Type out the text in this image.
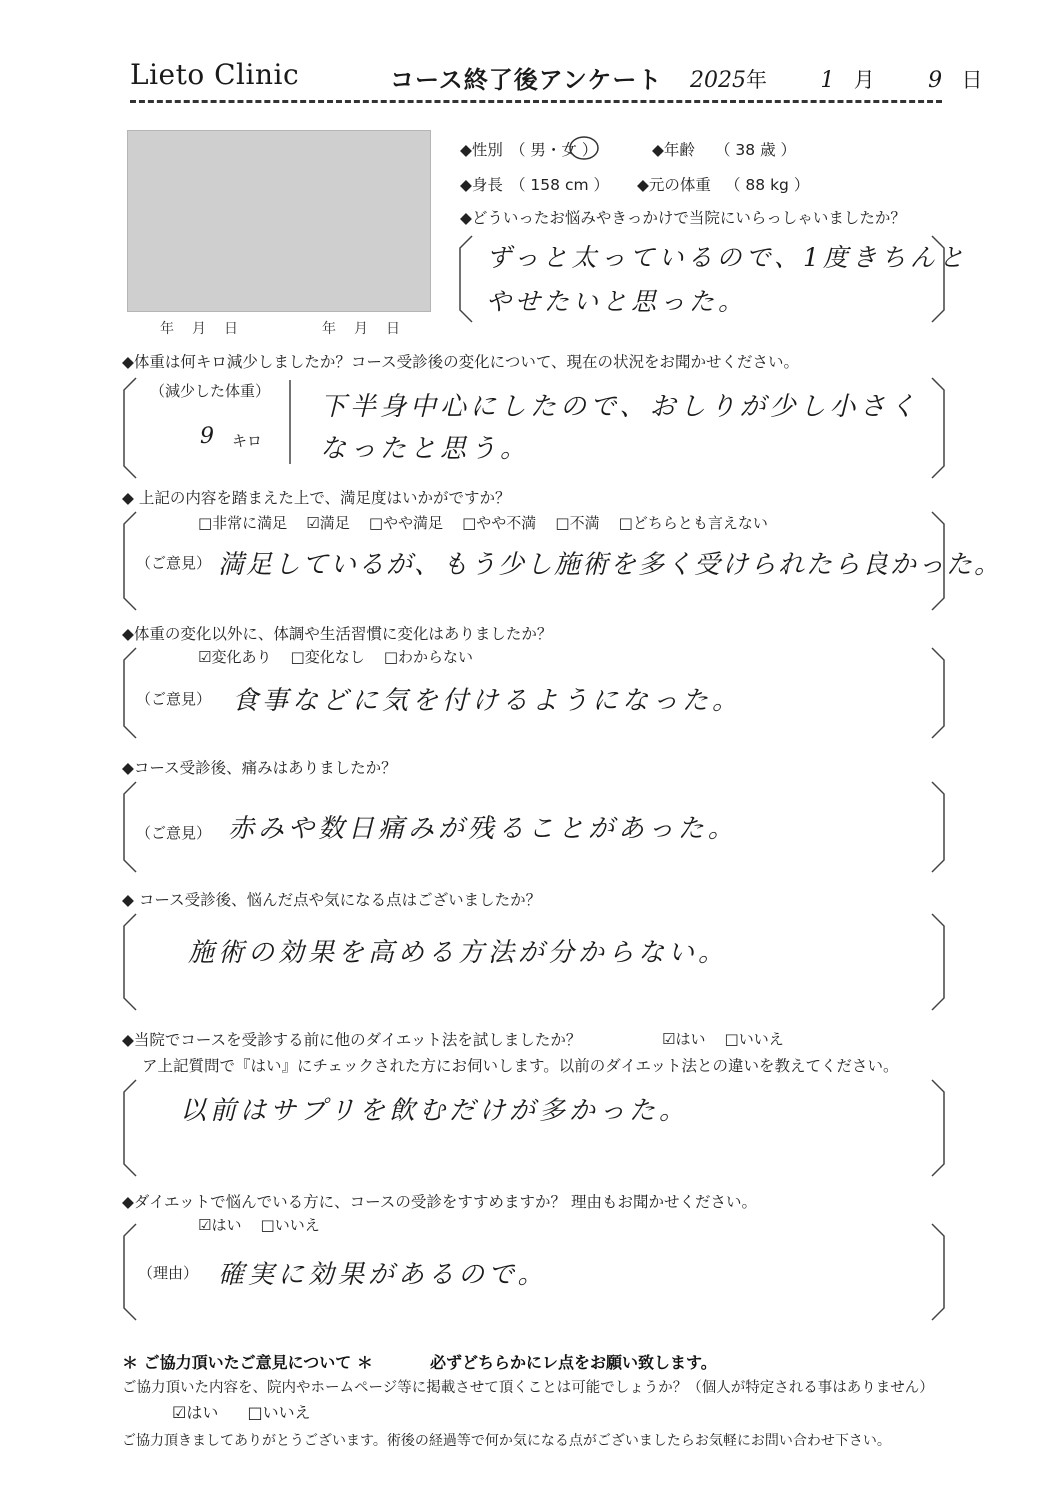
Lieto Clinic	コース終了後アンケート 2025年 1 月 9 日
年　月　日	年　月　日
◆性別 （ 男・女 ）	◆年齢 （ 38 歳 ）
◆身長 （ 158 cm ） ◆元の体重 （ 88 kg ）
◆どういったお悩みやきっかけで当院にいらっしゃいましたか？
ずっと太っているので、1度きちんと
やせたいと思った。
◆体重は何キロ減少しましたか？コース受診後の変化について、現在の状況をお聞かせください。
（減少した体重）
9 キロ
下半身中心にしたので、おしりが少し小さく
なったと思う。
◆ 上記の内容を踏まえた上で、満足度はいかがですか？
□非常に満足 ☑満足 □やや満足 □やや不満 □不満 □どちらとも言えない
（ご意見） 満足しているが、もう少し施術を多く受けられたら良かった。
◆体重の変化以外に、体調や生活習慣に変化はありましたか？
☑変化あり □変化なし □わからない
（ご意見） 食事などに気を付けるようになった。
◆コース受診後、痛みはありましたか？
（ご意見） 赤みや数日痛みが残ることがあった。
◆ コース受診後、悩んだ点や気になる点はございましたか？
施術の効果を高める方法が分からない。
◆当院でコースを受診する前に他のダイエット法を試しましたか？	☑はい □いいえ
ア上記質問で『はい』にチェックされた方にお伺いします。以前のダイエット法との違いを教えてください。
以前はサプリを飲むだけが多かった。
◆ダイエットで悩んでいる方に、コースの受診をすすめますか？ 理由もお聞かせください。
☑はい □いいえ
（理由） 確実に効果があるので。
＊ ご協力頂いたご意見について ＊	必ずどちらかにレ点をお願い致します。
ご協力頂いた内容を、院内やホームページ等に掲載させて頂くことは可能でしょうか？（個人が特定される事はありません）
☑はい □いいえ
ご協力頂きましてありがとうございます。術後の経過等で何か気になる点がございましたらお気軽にお問い合わせ下さい。
